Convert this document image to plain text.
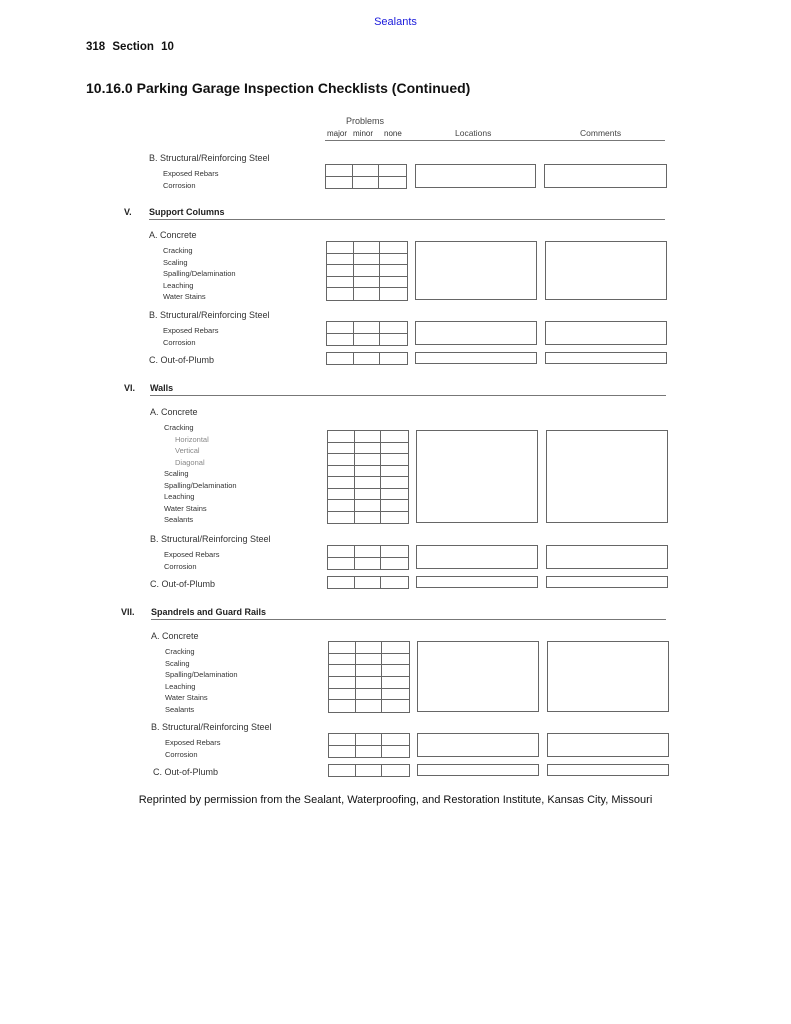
Sealants
318 Section 10
10.16.0 Parking Garage Inspection Checklists (Continued)
Problems
major minor none	Locations	Comments
B. Structural/Reinforcing Steel
Exposed Rebars
Corrosion
V. Support Columns
A. Concrete
Cracking
Scaling
Spalling/Delamination
Leaching
Water Stains
B. Structural/Reinforcing Steel
Exposed Rebars
Corrosion
C. Out-of-Plumb
VI. Walls
A. Concrete
Cracking
Horizontal
Vertical
Diagonal
Scaling
Spalling/Delamination
Leaching
Water Stains
Sealants
B. Structural/Reinforcing Steel
Exposed Rebars
Corrosion
C. Out-of-Plumb
VII. Spandrels and Guard Rails
A. Concrete
Cracking
Scaling
Spalling/Delamination
Leaching
Water Stains
Sealants
B. Structural/Reinforcing Steel
Exposed Rebars
Corrosion
C. Out-of-Plumb
Reprinted by permission from the Sealant, Waterproofing, and Restoration Institute, Kansas City, Missouri
